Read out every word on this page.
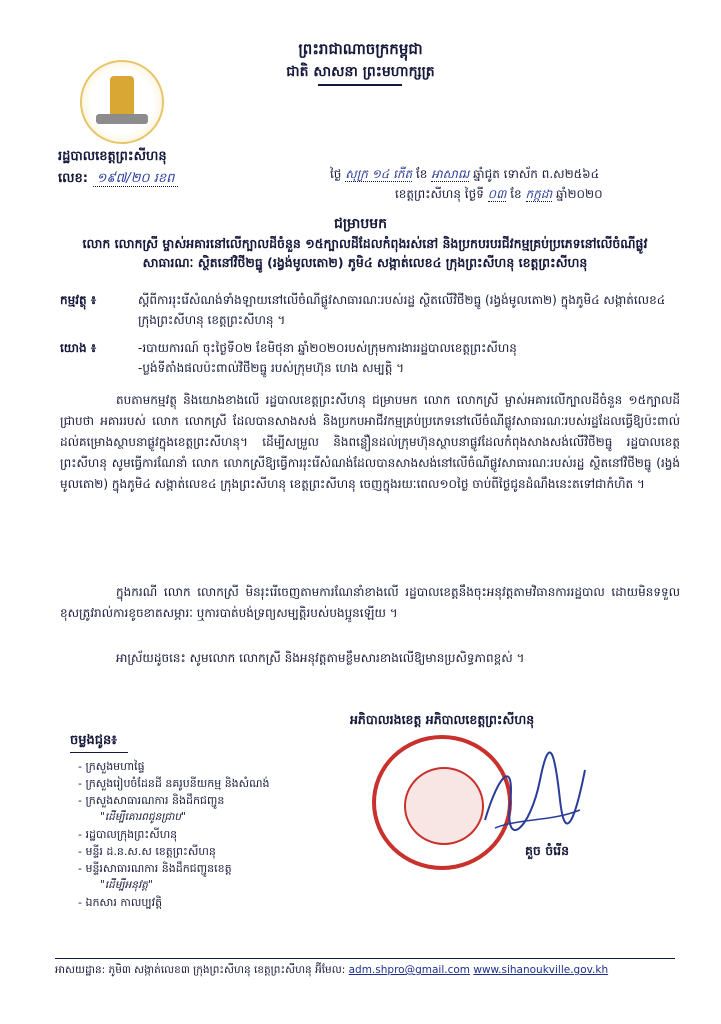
ព្រះរាជាណាចក្រកម្ពុជា
ជាតិ សាសនា ព្រះមហាក្សត្រ
រដ្ឋបាលខេត្តព្រះសីហនុ
លេខ: ១៩៧/២០ រខព	ថ្ងៃ សុក្រ ១៤ កើត ខែ អាសាឍ ឆ្នាំជូត ទោស័ក ព.ស២៥៦៤
ខេត្តព្រះសីហនុ ថ្ងៃទី ០៣ ខែ កក្កដា ឆ្នាំ២០២០
ជម្រាបមក
លោក លោកស្រី ម្ចាស់អគារនៅលើក្បាលដីចំនួន ១៥ក្បាលដីដែលកំពុងរស់នៅ និងប្រកបរបរជីវកម្មគ្រប់ប្រភេទនៅលើចំណីផ្លូវសាធារណៈ ស្ថិតនៅវិថី២ធ្នូ (រង្វង់មូលតោ២) ភូមិ៤ សង្កាត់លេខ៤ ក្រុងព្រះសីហនុ ខេត្តព្រះសីហនុ
កម្មវត្ថុ ៖	ស្តីពីការរុះរើសំណង់ទាំងឡាយនៅលើចំណីផ្លូវសាធារណៈរបស់រដ្ឋ ស្ថិតលើវិថី២ធ្នូ (រង្វង់មូលតោ២) ក្នុងភូមិ៤ សង្កាត់លេខ៤ ក្រុងព្រះសីហនុ ខេត្តព្រះសីហនុ ។
យោង ៖	-របាយការណ៍ ចុះថ្ងៃទី០២ ខែមិថុនា ឆ្នាំ២០២០របស់ក្រុមការងាររដ្ឋបាលខេត្តព្រះសីហនុ
-ប្លង់ទីតាំងផលប៉ះពាល់វិថី២ធ្នូ របស់ក្រុមហ៊ុន ហេង សម្បត្តិ ។
តបតាមកម្មវត្ថុ និងយោងខាងលើ រដ្ឋបាលខេត្តព្រះសីហនុ ជម្រាបមក លោក លោកស្រី ម្ចាស់អគារលើក្បាលដីចំនួន ១៥ក្បាលដី ជ្រាបថា អគាររបស់ លោក លោកស្រី ដែលបានសាងសង់ និងប្រកបអាជីវកម្មគ្រប់ប្រភេទនៅលើចំណីផ្លូវសាធារណៈរបស់រដ្ឋដែលធ្វើឱ្យប៉ះពាល់ដល់គម្រោងស្ថាបនាផ្លូវក្នុងខេត្តព្រះសីហនុ។ ដើម្បីសម្រួល និងពន្លឿនដល់ក្រុមហ៊ុនស្ថាបនាផ្លូវដែលកំពុងសាងសង់លើវិថី២ធ្នូ រដ្ឋបាលខេត្តព្រះសីហនុ សូមធ្វើការណែនាំ លោក លោកស្រីឱ្យធ្វើការរុះរើសំណង់ដែលបានសាងសង់នៅលើចំណីផ្លូវសាធារណៈរបស់រដ្ឋ ស្ថិតនៅវិថី២ធ្នូ (រង្វង់មូលតោ២) ក្នុងភូមិ៤ សង្កាត់លេខ៤ ក្រុងព្រះសីហនុ ខេត្តព្រះសីហនុ ចេញក្នុងរយៈពេល១០ថ្ងៃ ចាប់ពីថ្ងៃជូនដំណឹងនេះតទៅជាកំហិត ។
ក្នុងករណី លោក លោកស្រី មិនរុះរើចេញតាមការណែនាំខាងលើ រដ្ឋបាលខេត្តនឹងចុះអនុវត្តតាមវិធានការរដ្ឋបាល ដោយមិនទទួលខុសត្រូវរាល់ការខូចខាតសម្ភារៈ ឬការបាត់បង់ទ្រព្យសម្បត្តិរបស់បងប្អូនឡើយ ។
អាស្រ័យដូចនេះ សូមលោក លោកស្រី និងអនុវត្តតាមខ្លឹមសារខាងលើឱ្យមានប្រសិទ្ធភាពខ្ពស់ ។
អភិបាលរងខេត្ត អភិបាលខេត្តព្រះសីហនុ
គួច ចំរើន
ចម្លងជូន៖
- ក្រសួងមហាផ្ទៃ
- ក្រសួងរៀបចំដែនដី នគរូបនីយកម្ម និងសំណង់
- ក្រសួងសាធារណការ និងដឹកជញ្ជូន
"ដើម្បីគោរពជូនជ្រាប"
- រដ្ឋបាលក្រុងព្រះសីហនុ
- មន្ទីរ ដ.ន.ស.ស ខេត្តព្រះសីហនុ
- មន្ទីរសាធារណការ និងដឹកជញ្ជូនខេត្ត
"ដើម្បីអនុវត្ត"
- ឯកសារ កាលប្បវត្តិ
អាសយដ្ឋាន: ភូមិ៣ សង្កាត់លេខ៣ ក្រុងព្រះសីហនុ ខេត្តព្រះសីហនុ អ៊ីមែល: adm.shpro@gmail.com www.sihanoukville.gov.kh
